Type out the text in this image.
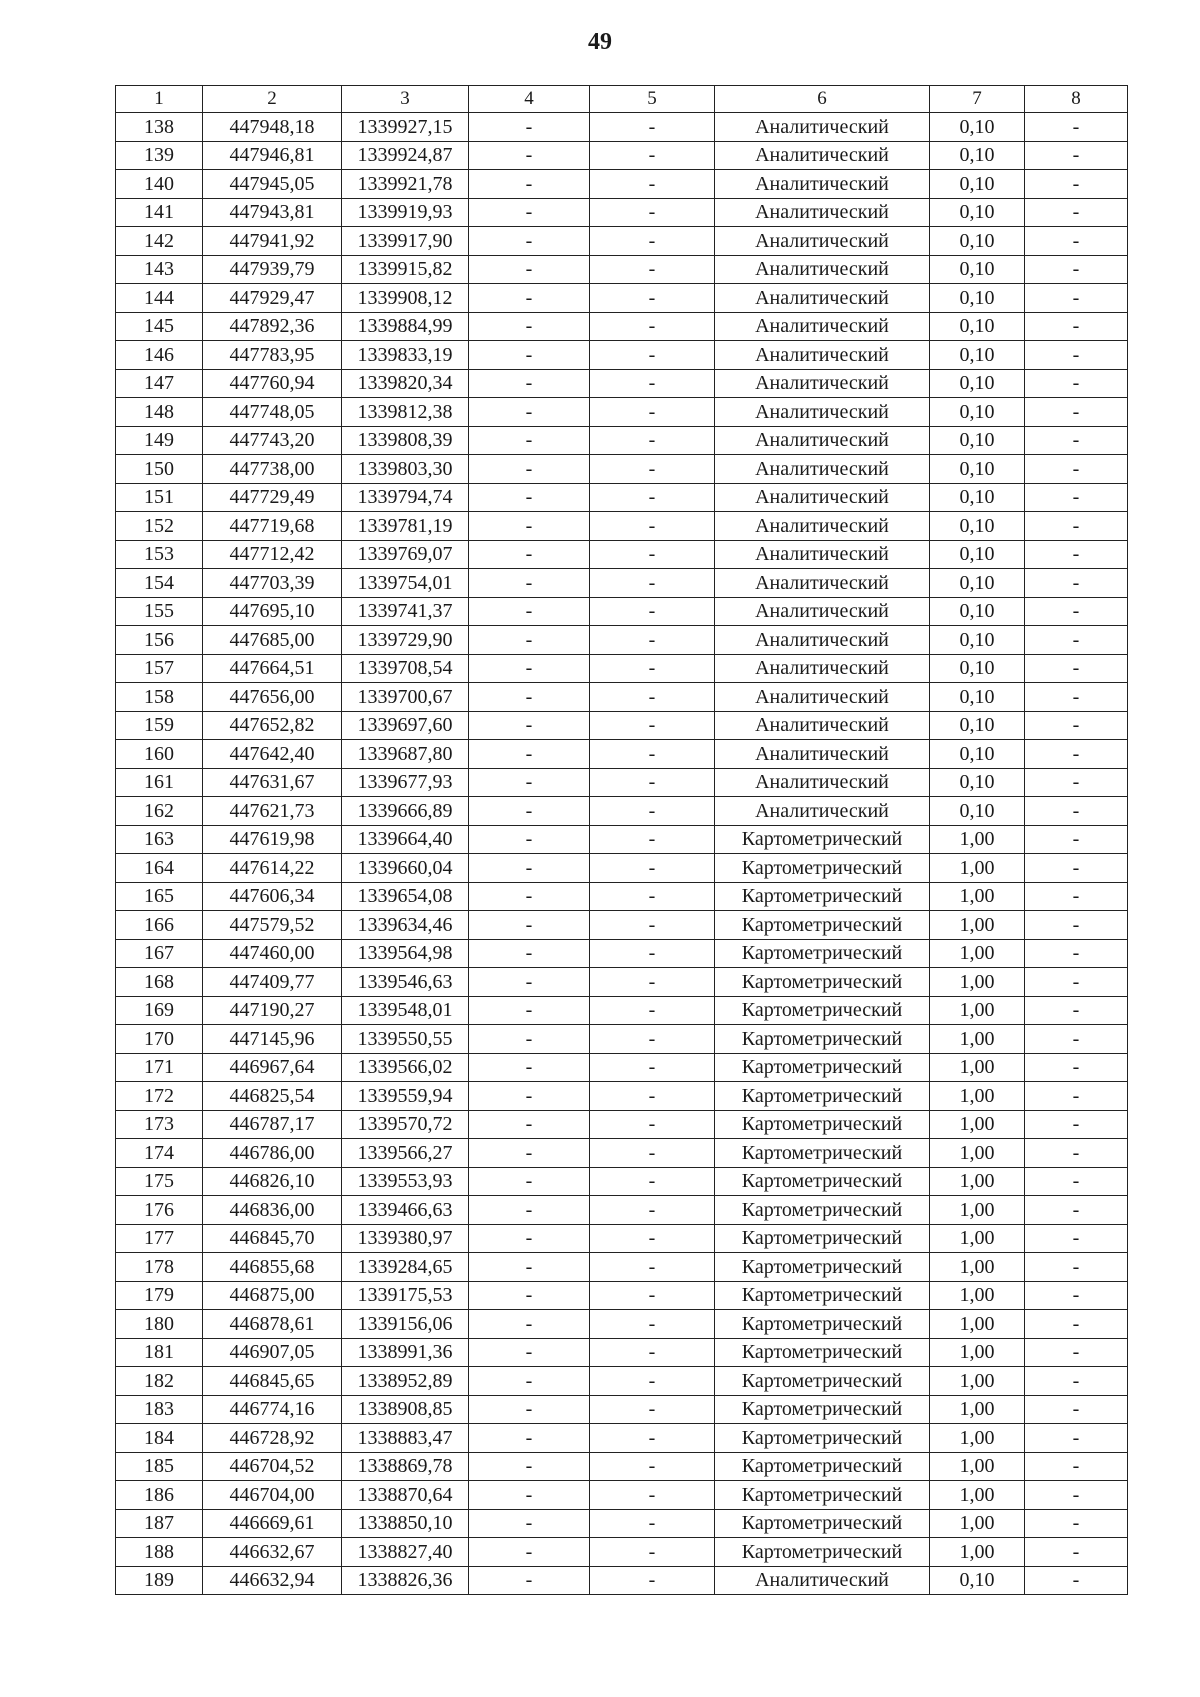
49
1	2	3	4	5	6	7	8
138	447948,18	1339927,15	-	-	Аналитический	0,10	-
139	447946,81	1339924,87	-	-	Аналитический	0,10	-
140	447945,05	1339921,78	-	-	Аналитический	0,10	-
141	447943,81	1339919,93	-	-	Аналитический	0,10	-
142	447941,92	1339917,90	-	-	Аналитический	0,10	-
143	447939,79	1339915,82	-	-	Аналитический	0,10	-
144	447929,47	1339908,12	-	-	Аналитический	0,10	-
145	447892,36	1339884,99	-	-	Аналитический	0,10	-
146	447783,95	1339833,19	-	-	Аналитический	0,10	-
147	447760,94	1339820,34	-	-	Аналитический	0,10	-
148	447748,05	1339812,38	-	-	Аналитический	0,10	-
149	447743,20	1339808,39	-	-	Аналитический	0,10	-
150	447738,00	1339803,30	-	-	Аналитический	0,10	-
151	447729,49	1339794,74	-	-	Аналитический	0,10	-
152	447719,68	1339781,19	-	-	Аналитический	0,10	-
153	447712,42	1339769,07	-	-	Аналитический	0,10	-
154	447703,39	1339754,01	-	-	Аналитический	0,10	-
155	447695,10	1339741,37	-	-	Аналитический	0,10	-
156	447685,00	1339729,90	-	-	Аналитический	0,10	-
157	447664,51	1339708,54	-	-	Аналитический	0,10	-
158	447656,00	1339700,67	-	-	Аналитический	0,10	-
159	447652,82	1339697,60	-	-	Аналитический	0,10	-
160	447642,40	1339687,80	-	-	Аналитический	0,10	-
161	447631,67	1339677,93	-	-	Аналитический	0,10	-
162	447621,73	1339666,89	-	-	Аналитический	0,10	-
163	447619,98	1339664,40	-	-	Картометрический	1,00	-
164	447614,22	1339660,04	-	-	Картометрический	1,00	-
165	447606,34	1339654,08	-	-	Картометрический	1,00	-
166	447579,52	1339634,46	-	-	Картометрический	1,00	-
167	447460,00	1339564,98	-	-	Картометрический	1,00	-
168	447409,77	1339546,63	-	-	Картометрический	1,00	-
169	447190,27	1339548,01	-	-	Картометрический	1,00	-
170	447145,96	1339550,55	-	-	Картометрический	1,00	-
171	446967,64	1339566,02	-	-	Картометрический	1,00	-
172	446825,54	1339559,94	-	-	Картометрический	1,00	-
173	446787,17	1339570,72	-	-	Картометрический	1,00	-
174	446786,00	1339566,27	-	-	Картометрический	1,00	-
175	446826,10	1339553,93	-	-	Картометрический	1,00	-
176	446836,00	1339466,63	-	-	Картометрический	1,00	-
177	446845,70	1339380,97	-	-	Картометрический	1,00	-
178	446855,68	1339284,65	-	-	Картометрический	1,00	-
179	446875,00	1339175,53	-	-	Картометрический	1,00	-
180	446878,61	1339156,06	-	-	Картометрический	1,00	-
181	446907,05	1338991,36	-	-	Картометрический	1,00	-
182	446845,65	1338952,89	-	-	Картометрический	1,00	-
183	446774,16	1338908,85	-	-	Картометрический	1,00	-
184	446728,92	1338883,47	-	-	Картометрический	1,00	-
185	446704,52	1338869,78	-	-	Картометрический	1,00	-
186	446704,00	1338870,64	-	-	Картометрический	1,00	-
187	446669,61	1338850,10	-	-	Картометрический	1,00	-
188	446632,67	1338827,40	-	-	Картометрический	1,00	-
189	446632,94	1338826,36	-	-	Аналитический	0,10	-
